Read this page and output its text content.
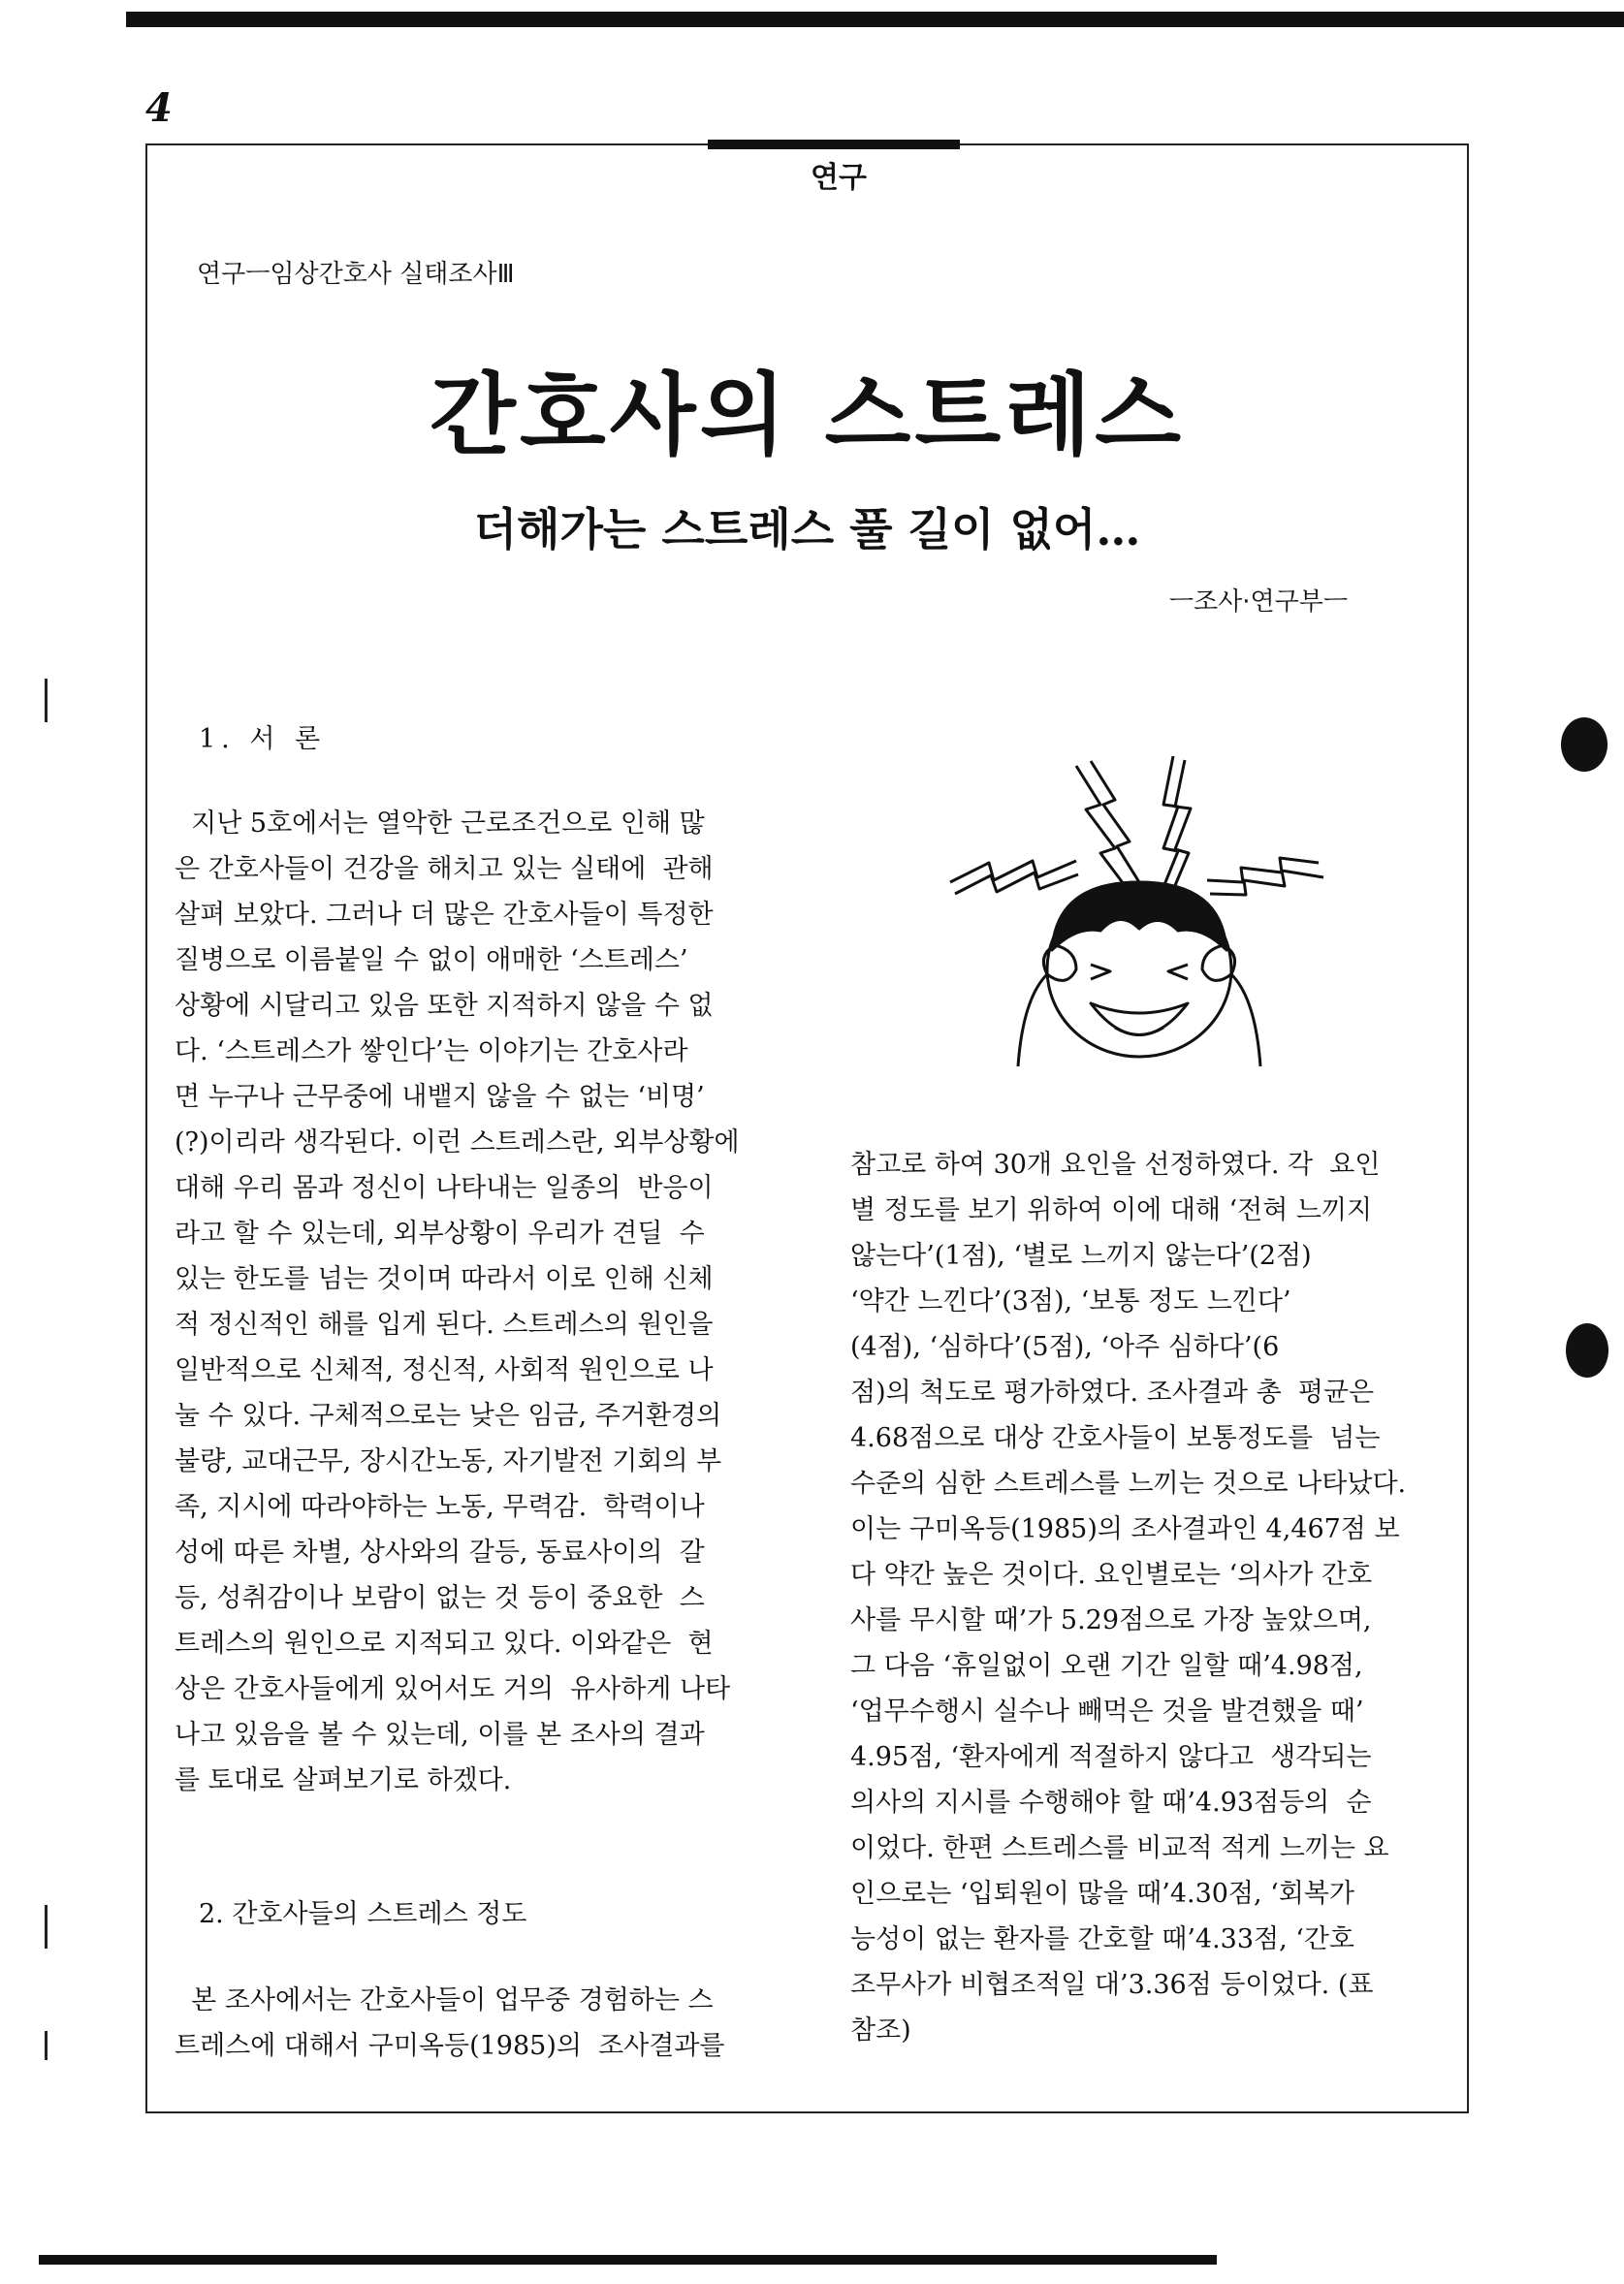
4
연구
연구ㅡ임상간호사 실태조사Ⅲ
간호사의 스트레스
더해가는 스트레스 풀 길이 없어…
ㅡ조사·연구부ㅡ
1. 서 론
지난 5호에서는 열악한 근로조건으로 인해 많
은 간호사들이 건강을 해치고 있는 실태에  관해
살펴 보았다. 그러나 더 많은 간호사들이 특정한
질병으로 이름붙일 수 없이 애매한 ‘스트레스’
상황에 시달리고 있음 또한 지적하지 않을 수 없
다. ‘스트레스가 쌓인다’는 이야기는 간호사라
면 누구나 근무중에 내뱉지 않을 수 없는 ‘비명’
(?)이리라 생각된다. 이런 스트레스란, 외부상황에
대해 우리 몸과 정신이 나타내는 일종의  반응이
라고 할 수 있는데, 외부상황이 우리가 견딜  수
있는 한도를 넘는 것이며 따라서 이로 인해 신체
적 정신적인 해를 입게 된다. 스트레스의 원인을
일반적으로 신체적, 정신적, 사회적 원인으로 나
눌 수 있다. 구체적으로는 낮은 임금, 주거환경의
불량, 교대근무, 장시간노동, 자기발전 기회의 부
족, 지시에 따라야하는 노동, 무력감.  학력이나
성에 따른 차별, 상사와의 갈등, 동료사이의  갈
등, 성취감이나 보람이 없는 것 등이 중요한  스
트레스의 원인으로 지적되고 있다. 이와같은  현
상은 간호사들에게 있어서도 거의  유사하게 나타
나고 있음을 볼 수 있는데, 이를 본 조사의 결과
를 토대로 살펴보기로 하겠다.
2. 간호사들의 스트레스 정도
본 조사에서는 간호사들이 업무중 경험하는 스
트레스에 대해서 구미옥등(1985)의  조사결과를
참고로 하여 30개 요인을 선정하였다. 각  요인
별 정도를 보기 위하여 이에 대해 ‘전혀 느끼지
않는다’(1점), ‘별로 느끼지 않는다’(2점)
‘약간 느낀다’(3점), ‘보통 정도 느낀다’
(4점), ‘심하다’(5점), ‘아주 심하다’(6
점)의 척도로 평가하였다. 조사결과 총  평균은
4.68점으로 대상 간호사들이 보통정도를  넘는
수준의 심한 스트레스를 느끼는 것으로 나타났다.
이는 구미옥등(1985)의 조사결과인 4,467점 보
다 약간 높은 것이다. 요인별로는 ‘의사가 간호
사를 무시할 때’가 5.29점으로 가장 높았으며,
그 다음 ‘휴일없이 오랜 기간 일할 때’4.98점,
‘업무수행시 실수나 빼먹은 것을 발견했을 때’
4.95점, ‘환자에게 적절하지 않다고  생각되는
의사의 지시를 수행해야 할 때’4.93점등의  순
이었다. 한편 스트레스를 비교적 적게 느끼는 요
인으로는 ‘입퇴원이 많을 때’4.30점, ‘회복가
능성이 없는 환자를 간호할 때’4.33점, ‘간호
조무사가 비협조적일 대’3.36점 등이었다. (표
참조)
